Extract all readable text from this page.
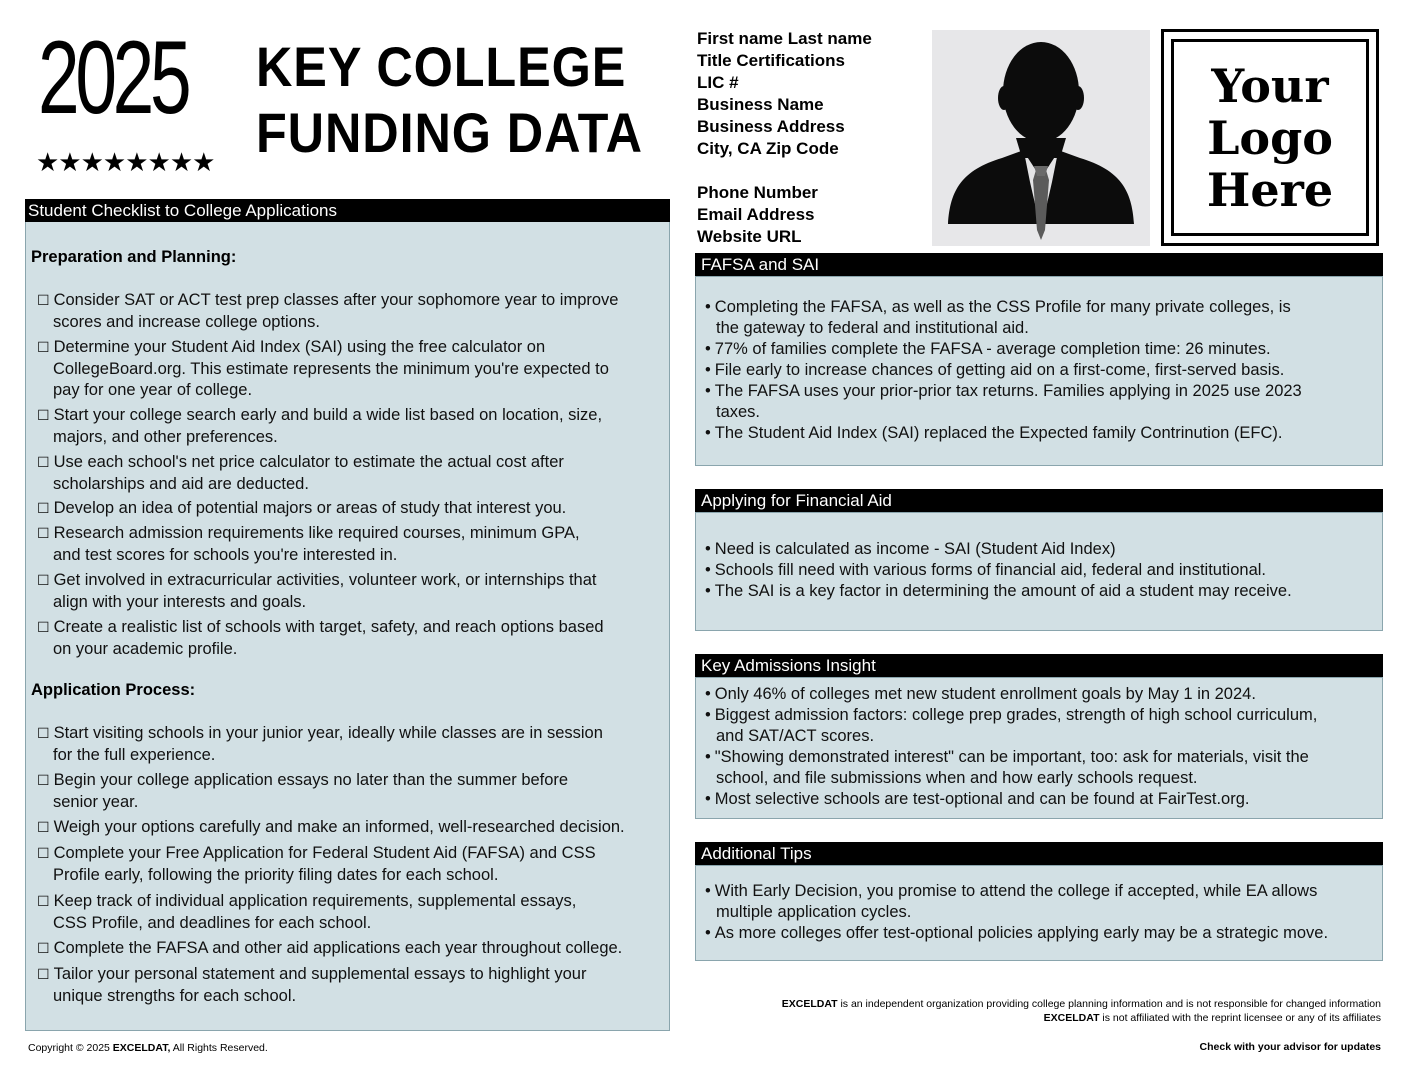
2025
★★★★★★★★
KEY COLLEGE
FUNDING DATA
First name Last name
Title Certifications
LIC #
Business Name
Business Address
City, CA Zip Code
Phone Number
Email Address
Website URL
Your
Logo
Here
Student Checklist to College Applications
Preparation and Planning:
☐ Consider SAT or ACT test prep classes after your sophomore year to improve
scores and increase college options.
☐ Determine your Student Aid Index (SAI) using the free calculator on
CollegeBoard.org. This estimate represents the minimum you're expected to
pay for one year of college.
☐ Start your college search early and build a wide list based on location, size,
majors, and other preferences.
☐ Use each school's net price calculator to estimate the actual cost after
scholarships and aid are deducted.
☐ Develop an idea of potential majors or areas of study that interest you.
☐ Research admission requirements like required courses, minimum GPA,
and test scores for schools you're interested in.
☐ Get involved in extracurricular activities, volunteer work, or internships that
align with your interests and goals.
☐ Create a realistic list of schools with target, safety, and reach options based
on your academic profile.
Application Process:
☐ Start visiting schools in your junior year, ideally while classes are in session
for the full experience.
☐ Begin your college application essays no later than the summer before
senior year.
☐ Weigh your options carefully and make an informed, well-researched decision.
☐ Complete your Free Application for Federal Student Aid (FAFSA) and CSS
Profile early, following the priority filing dates for each school.
☐ Keep track of individual application requirements, supplemental essays,
CSS Profile, and deadlines for each school.
☐ Complete the FAFSA and other aid applications each year throughout college.
☐ Tailor your personal statement and supplemental essays to highlight your
unique strengths for each school.
FAFSA and SAI
• Completing the FAFSA, as well as the CSS Profile for many private colleges, is
the gateway to federal and institutional aid.
• 77% of families complete the FAFSA - average completion time: 26 minutes.
• File early to increase chances of getting aid on a first-come, first-served basis.
• The FAFSA uses your prior-prior tax returns. Families applying in 2025 use 2023
taxes.
• The Student Aid Index (SAI) replaced the Expected family Contrinution (EFC).
Applying for Financial Aid
• Need is calculated as income - SAI (Student Aid Index)
• Schools fill need with various forms of financial aid, federal and institutional.
• The SAI is a key factor in determining the amount of aid a student may receive.
Key Admissions Insight
• Only 46% of colleges met new student enrollment goals by May 1 in 2024.
• Biggest admission factors: college prep grades, strength of high school curriculum,
and SAT/ACT scores.
• "Showing demonstrated interest" can be important, too: ask for materials, visit the
school, and file submissions when and how early schools request.
• Most selective schools are test-optional and can be found at FairTest.org.
Additional Tips
• With Early Decision, you promise to attend the college if accepted, while EA allows
multiple application cycles.
• As more colleges offer test-optional policies applying early may be a strategic move.
EXCELDAT is an independent organization providing college planning information and is not responsible for changed information
EXCELDAT is not affiliated with the reprint licensee or any of its affiliates
Copyright © 2025 EXCELDAT, All Rights Reserved.	Check with your advisor for updates
